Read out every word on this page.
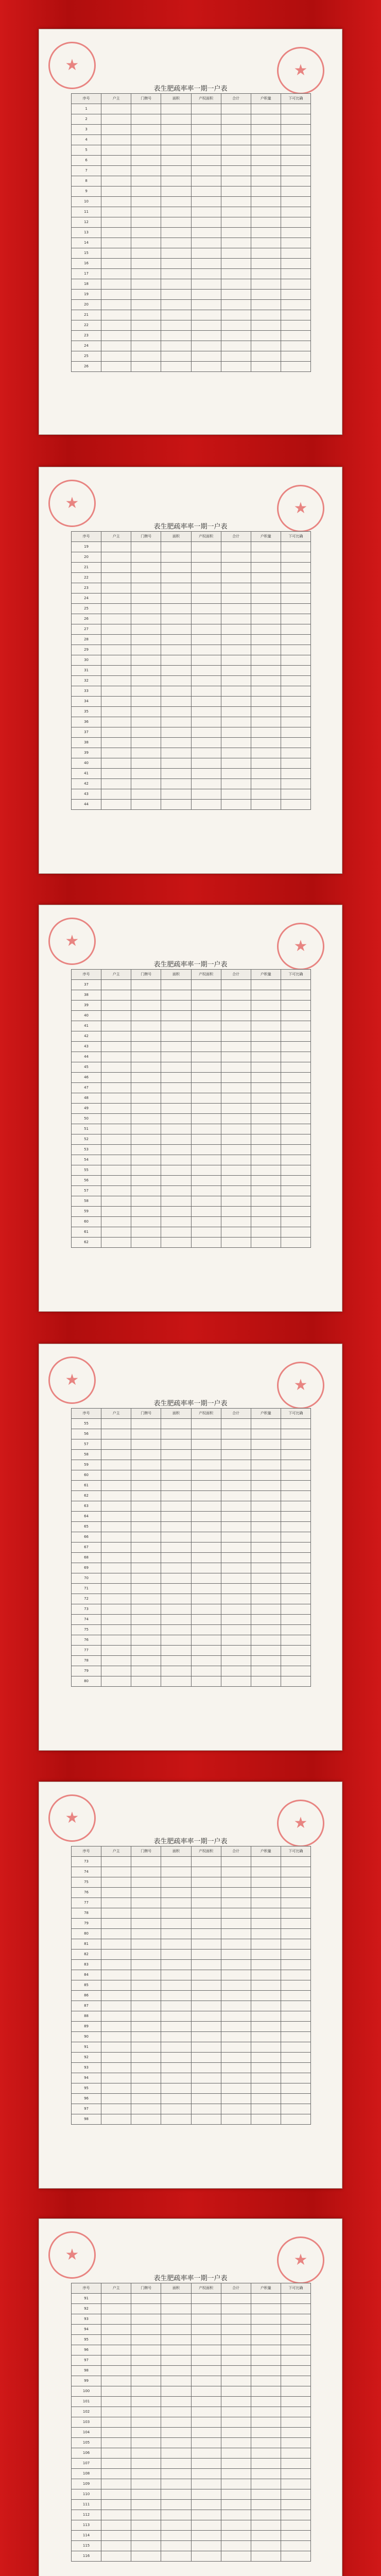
★
★
表生肥疏率率一期一户表
序号	户主	门牌号	面积	产权面积	合计	户积量	下可比确
1							
2							
3							
4							
5							
6							
7							
8							
9							
10							
11							
12							
13							
14							
15							
16							
17							
18							
19							
20							
21							
22							
23							
24							
25							
26							
★
★
表生肥疏率率一期一户表
序号	户主	门牌号	面积	产权面积	合计	户积量	下可比确
19							
20							
21							
22							
23							
24							
25							
26							
27							
28							
29							
30							
31							
32							
33							
34							
35							
36							
37							
38							
39							
40							
41							
42							
43							
44							
★
★
表生肥疏率率一期一户表
序号	户主	门牌号	面积	产权面积	合计	户积量	下可比确
37							
38							
39							
40							
41							
42							
43							
44							
45							
46							
47							
48							
49							
50							
51							
52							
53							
54							
55							
56							
57							
58							
59							
60							
61							
62							
★
★
表生肥疏率率一期一户表
序号	户主	门牌号	面积	产权面积	合计	户积量	下可比确
55							
56							
57							
58							
59							
60							
61							
62							
63							
64							
65							
66							
67							
68							
69							
70							
71							
72							
73							
74							
75							
76							
77							
78							
79							
80							
★
★
表生肥疏率率一期一户表
序号	户主	门牌号	面积	产权面积	合计	户积量	下可比确
73							
74							
75							
76							
77							
78							
79							
80							
81							
82							
83							
84							
85							
86							
87							
88							
89							
90							
91							
92							
93							
94							
95							
96							
97							
98							
★
★
表生肥疏率率一期一户表
序号	户主	门牌号	面积	产权面积	合计	户积量	下可比确
91							
92							
93							
94							
95							
96							
97							
98							
99							
100							
101							
102							
103							
104							
105							
106							
107							
108							
109							
110							
111							
112							
113							
114							
115							
116							
